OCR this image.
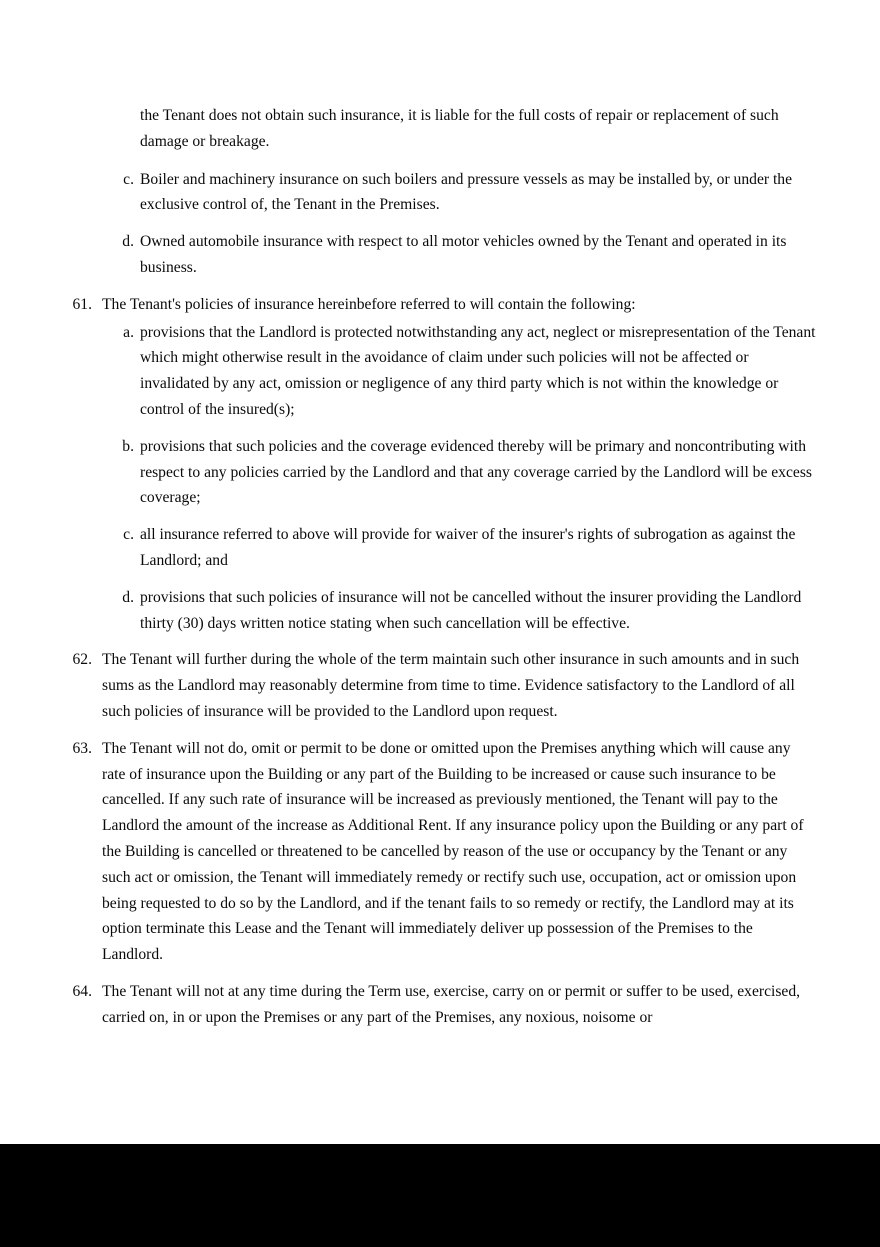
the Tenant does not obtain such insurance, it is liable for the full costs of repair or replacement of such damage or breakage.
c. Boiler and machinery insurance on such boilers and pressure vessels as may be installed by, or under the exclusive control of, the Tenant in the Premises.
d. Owned automobile insurance with respect to all motor vehicles owned by the Tenant and operated in its business.
61. The Tenant's policies of insurance hereinbefore referred to will contain the following:
a. provisions that the Landlord is protected notwithstanding any act, neglect or misrepresentation of the Tenant which might otherwise result in the avoidance of claim under such policies will not be affected or invalidated by any act, omission or negligence of any third party which is not within the knowledge or control of the insured(s);
b. provisions that such policies and the coverage evidenced thereby will be primary and noncontributing with respect to any policies carried by the Landlord and that any coverage carried by the Landlord will be excess coverage;
c. all insurance referred to above will provide for waiver of the insurer's rights of subrogation as against the Landlord; and
d. provisions that such policies of insurance will not be cancelled without the insurer providing the Landlord thirty (30) days written notice stating when such cancellation will be effective.
62. The Tenant will further during the whole of the term maintain such other insurance in such amounts and in such sums as the Landlord may reasonably determine from time to time. Evidence satisfactory to the Landlord of all such policies of insurance will be provided to the Landlord upon request.
63. The Tenant will not do, omit or permit to be done or omitted upon the Premises anything which will cause any rate of insurance upon the Building or any part of the Building to be increased or cause such insurance to be cancelled. If any such rate of insurance will be increased as previously mentioned, the Tenant will pay to the Landlord the amount of the increase as Additional Rent. If any insurance policy upon the Building or any part of the Building is cancelled or threatened to be cancelled by reason of the use or occupancy by the Tenant or any such act or omission, the Tenant will immediately remedy or rectify such use, occupation, act or omission upon being requested to do so by the Landlord, and if the tenant fails to so remedy or rectify, the Landlord may at its option terminate this Lease and the Tenant will immediately deliver up possession of the Premises to the Landlord.
64. The Tenant will not at any time during the Term use, exercise, carry on or permit or suffer to be used, exercised, carried on, in or upon the Premises or any part of the Premises, any noxious, noisome or
